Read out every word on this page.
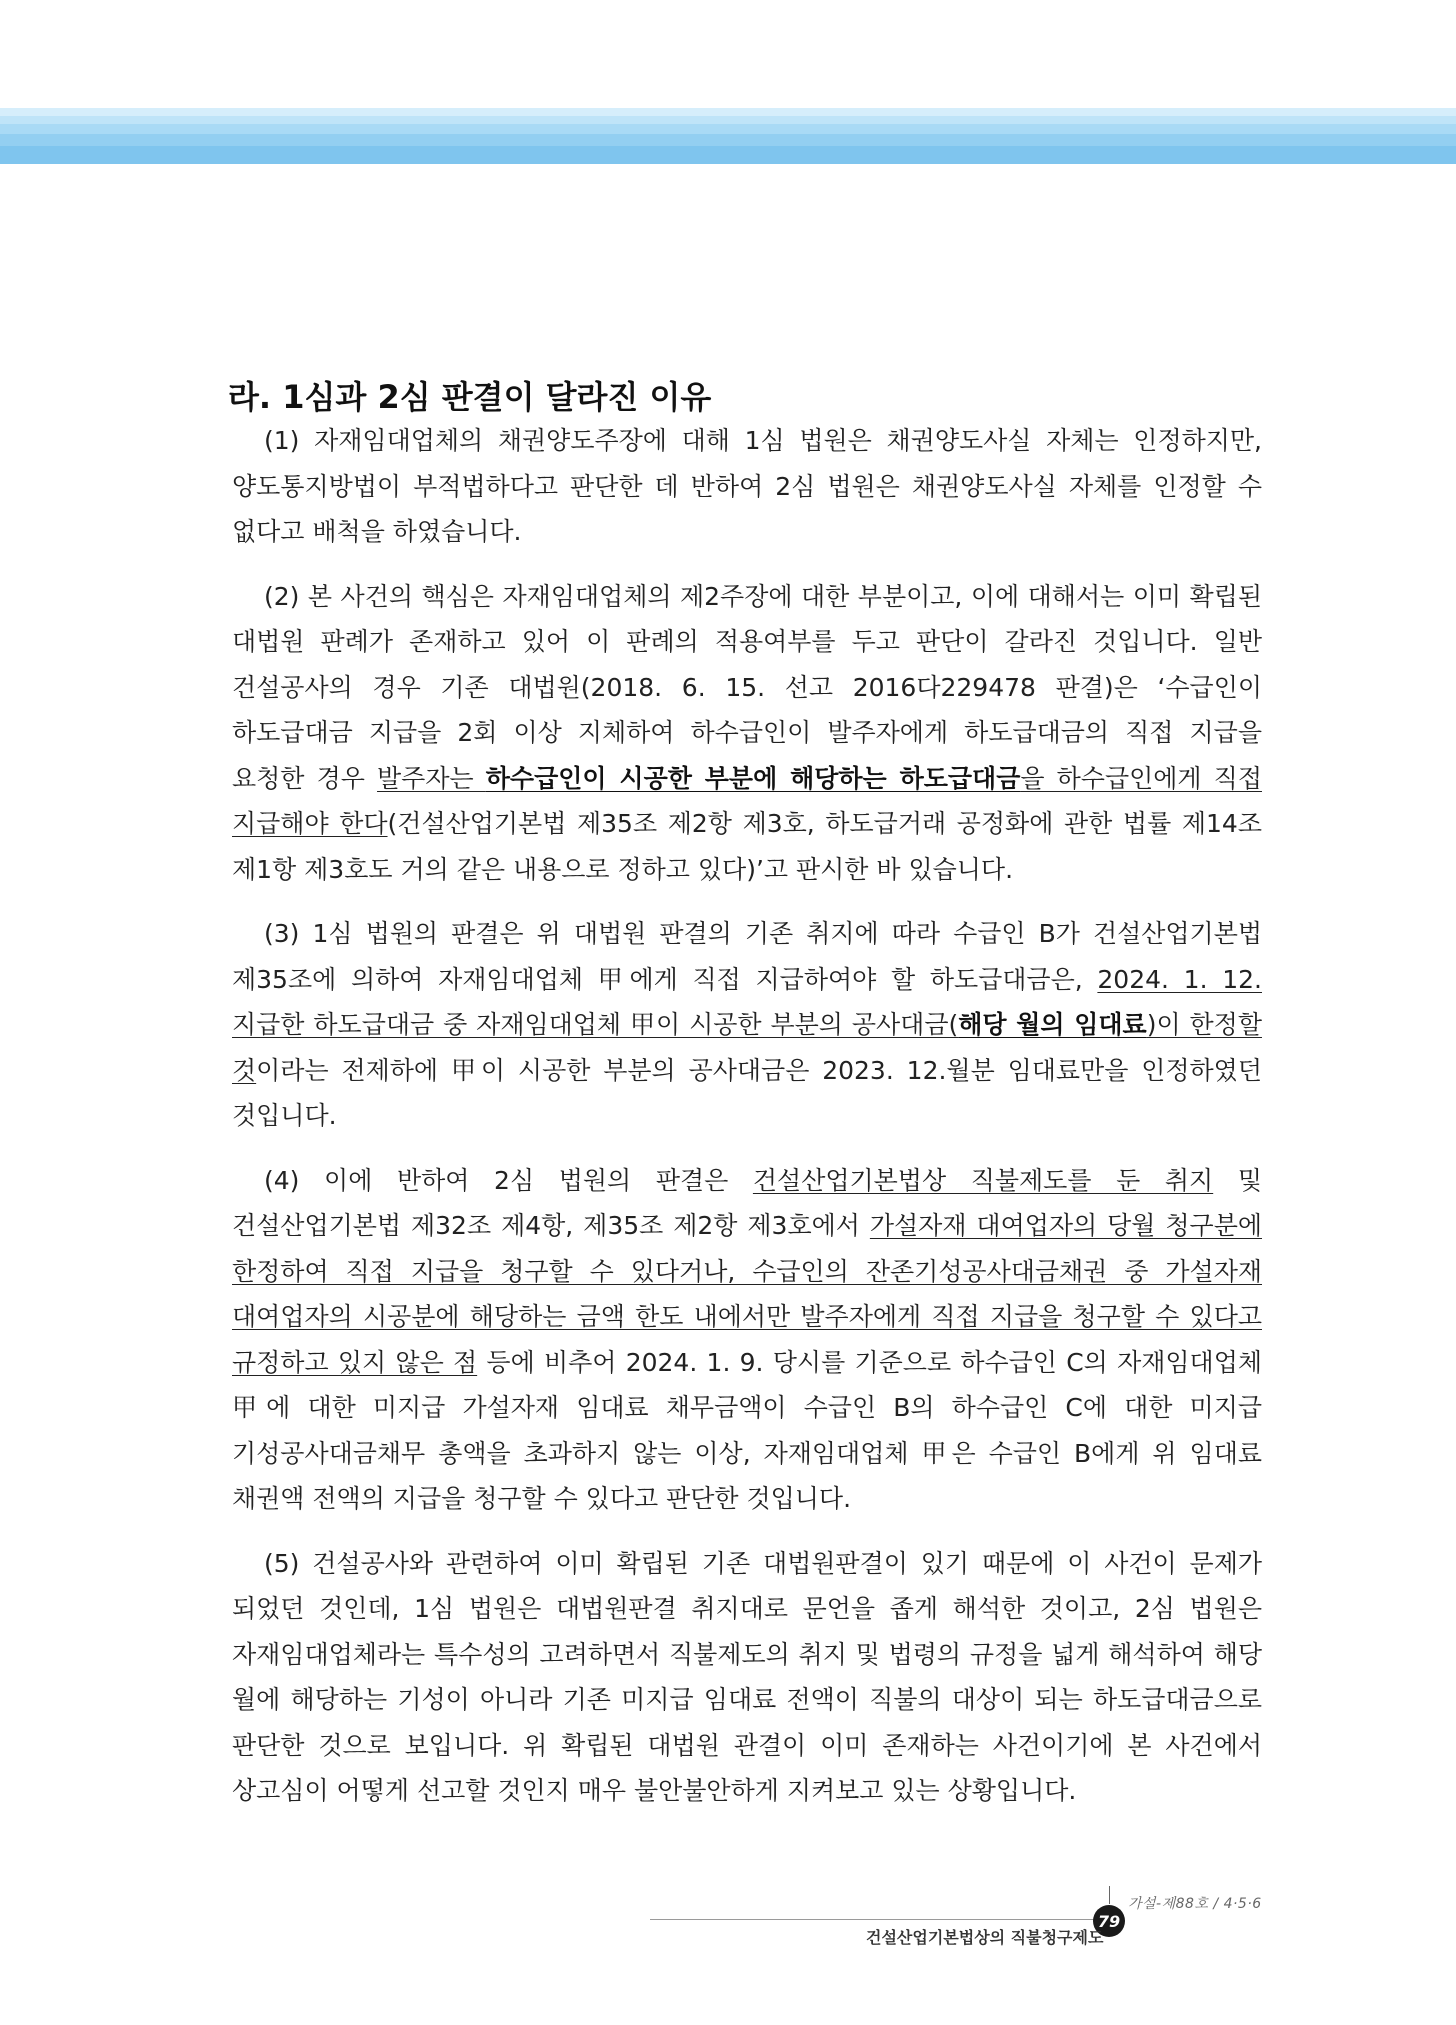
라. 1심과 2심 판결이 달라진 이유

(1) 자재임대업체의 채권양도주장에 대해 1심 법원은 채권양도사실 자체는 인정하지만, 양도통지방법이 부적법하다고 판단한 데 반하여 2심 법원은 채권양도사실 자체를 인정할 수 없다고 배척을 하였습니다.

(2) 본 사건의 핵심은 자재임대업체의 제2주장에 대한 부분이고, 이에 대해서는 이미 확립된 대법원 판례가 존재하고 있어 이 판례의 적용여부를 두고 판단이 갈라진 것입니다. 일반 건설공사의 경우 기존 대법원(2018. 6. 15. 선고 2016다229478 판결)은 ‘수급인이 하도급대금 지급을 2회 이상 지체하여 하수급인이 발주자에게 하도급대금의 직접 지급을 요청한 경우 발주자는 하수급인이 시공한 부분에 해당하는 하도급대금을 하수급인에게 직접 지급해야 한다(건설산업기본법 제35조 제2항 제3호, 하도급거래 공정화에 관한 법률 제14조 제1항 제3호도 거의 같은 내용으로 정하고 있다)’고 판시한 바 있습니다.

(3) 1심 법원의 판결은 위 대법원 판결의 기존 취지에 따라 수급인 B가 건설산업기본법 제35조에 의하여 자재임대업체 甲에게 직접 지급하여야 할 하도급대금은, 2024. 1. 12. 지급한 하도급대금 중 자재임대업체 甲이 시공한 부분의 공사대금(해당 월의 임대료)이 한정할 것이라는 전제하에 甲이 시공한 부분의 공사대금은 2023. 12.월분 임대료만을 인정하였던 것입니다.

(4) 이에 반하여 2심 법원의 판결은 건설산업기본법상 직불제도를 둔 취지 및 건설산업기본법 제32조 제4항, 제35조 제2항 제3호에서 가설자재 대여업자의 당월 청구분에 한정하여 직접 지급을 청구할 수 있다거나, 수급인의 잔존기성공사대금채권 중 가설자재 대여업자의 시공분에 해당하는 금액 한도 내에서만 발주자에게 직접 지급을 청구할 수 있다고 규정하고 있지 않은 점 등에 비추어 2024. 1. 9. 당시를 기준으로 하수급인 C의 자재임대업체 甲에 대한 미지급 가설자재 임대료 채무금액이 수급인 B의 하수급인 C에 대한 미지급 기성공사대금채무 총액을 초과하지 않는 이상, 자재임대업체 甲은 수급인 B에게 위 임대료 채권액 전액의 지급을 청구할 수 있다고 판단한 것입니다.

(5) 건설공사와 관련하여 이미 확립된 기존 대법원판결이 있기 때문에 이 사건이 문제가 되었던 것인데, 1심 법원은 대법원판결 취지대로 문언을 좁게 해석한 것이고, 2심 법원은 자재임대업체라는 특수성의 고려하면서 직불제도의 취지 및 법령의 규정을 넓게 해석하여 해당 월에 해당하는 기성이 아니라 기존 미지급 임대료 전액이 직불의 대상이 되는 하도급대금으로 판단한 것으로 보입니다. 위 확립된 대법원 관결이 이미 존재하는 사건이기에 본 사건에서 상고심이 어떻게 선고할 것인지 매우 불안불안하게 지켜보고 있는 상황입니다.

79
가설-제88호 / 4·5·6
건설산업기본법상의 직불청구제도
